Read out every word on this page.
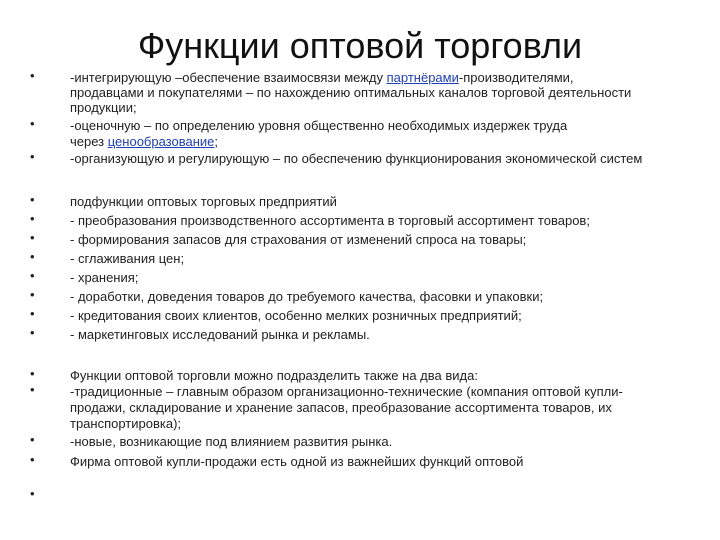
Функции оптовой торговли
•
•
•
-интегрирующую –обеспечение взаимосвязи между партнёрами-производителями,
продавцами и покупателями – по нахождению оптимальных каналов торговой деятельности
продукции;
-оценочную – по определению уровня общественно необходимых издержек труда
через ценообразование;
-организующую и регулирующую – по обеспечению функционирования экономической систем
•
•
•
•
•
•
•
•
подфункции оптовых торговых предприятий
- преобразования производственного ассортимента в торговый ассортимент товаров;
- формирования запасов для страхования от изменений спроса на товары;
- сглаживания цен;
- хранения;
- доработки, доведения товаров до требуемого качества, фасовки и упаковки;
- кредитования своих клиентов, особенно мелких розничных предприятий;
- маркетинговых исследований рынка и рекламы.
•
•
•
•
•
Функции оптовой торговли можно подразделить также на два вида:
-традиционные – главным образом организационно-технические (компания оптовой купли-
продажи, складирование и хранение запасов, преобразование ассортимента товаров, их
транспортировка);
-новые, возникающие под влиянием развития рынка.
Фирма оптовой купли-продажи есть одной из важнейших функций оптовой
